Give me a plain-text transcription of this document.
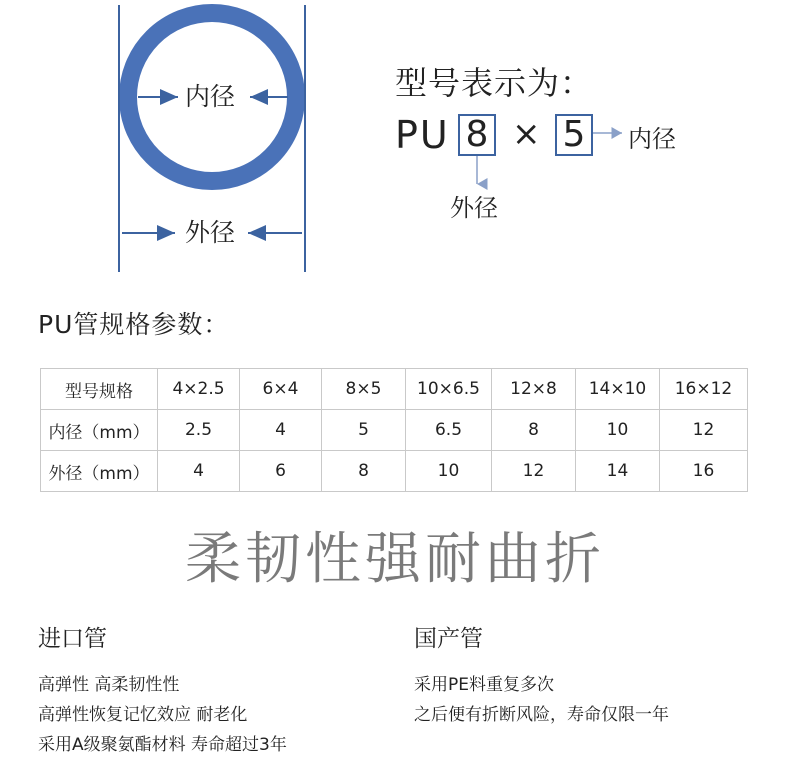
内径
外径
型号表示为：
PU 8 × 5	内径
外径
PU管规格参数：
型号规格	4×2.5	6×4	8×5	10×6.5	12×8	14×10	16×12
内径（mm）	2.5	4	5	6.5	8	10	12
外径（mm）	4	6	8	10	12	14	16
柔韧性强耐曲折
进口管
高弹性 高柔韧性性
高弹性恢复记忆效应 耐老化
采用A级聚氨酯材料 寿命超过3年
国产管
采用PE料重复多次
之后便有折断风险，寿命仅限一年
